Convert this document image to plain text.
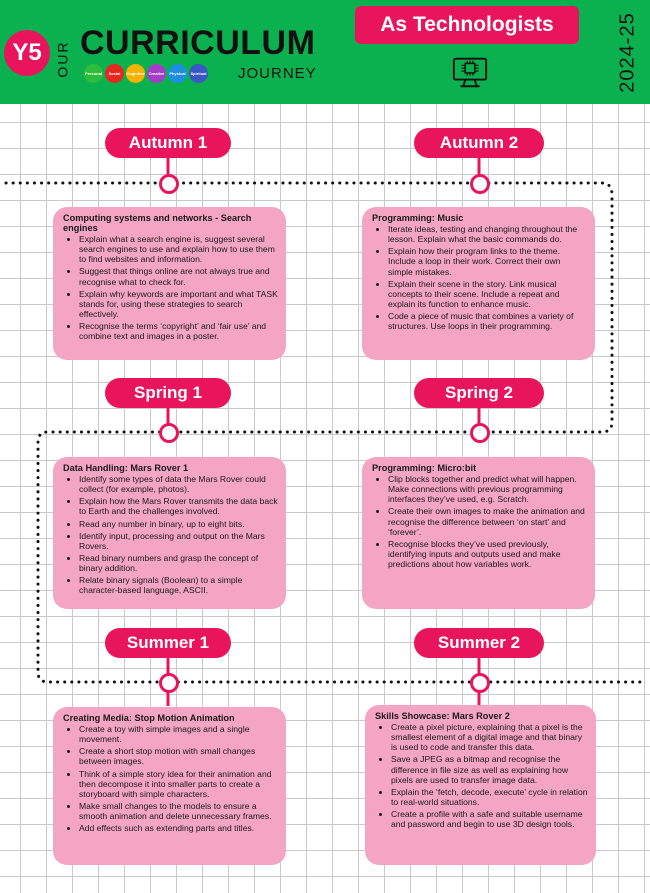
Y5 OUR CURRICULUM
Personal	Social	Cognitive Creative	Physical	Spiritual JOURNEY
As Technologists	2024-25
Autumn 1	Autumn 2
Spring 1	Spring 2
Summer 1	Summer 2
Computing systems and networks - Search engines
• Explain what a search engine is, suggest several search engines to use and explain how to use them to find websites and information.
• Suggest that things online are not always true and recognise what to check for.
• Explain why keywords are important and what TASK stands for, using these strategies to search effectively.
• Recognise the terms ‘copyright’ and ‘fair use’ and combine text and images in a poster.
Programming: Music
• Iterate ideas, testing and changing throughout the lesson. Explain what the basic commands do.
• Explain how their program links to the theme. Include a loop in their work. Correct their own simple mistakes.
• Explain their scene in the story. Link musical concepts to their scene. Include a repeat and explain its function to enhance music.
• Code a piece of music that combines a variety of structures. Use loops in their programming.
Data Handling: Mars Rover 1
• Identify some types of data the Mars Rover could collect (for example, photos).
• Explain how the Mars Rover transmits the data back to Earth and the challenges involved.
• Read any number in binary, up to eight bits.
• Identify input, processing and output on the Mars Rovers.
• Read binary numbers and grasp the concept of binary addition.
• Relate binary signals (Boolean) to a simple character-based language, ASCII.
Programming: Micro:bit
• Clip blocks together and predict what will happen. Make connections with previous programming interfaces they’ve used, e.g. Scratch.
• Create their own images to make the animation and recognise the difference between ‘on start’ and ‘forever’.
• Recognise blocks they’ve used previously, identifying inputs and outputs used and make predictions about how variables work.
Creating Media: Stop Motion Animation
• Create a toy with simple images and a single movement.
• Create a short stop motion with small changes between images.
• Think of a simple story idea for their animation and then decompose it into smaller parts to create a storyboard with simple characters.
• Make small changes to the models to ensure a smooth animation and delete unnecessary frames.
• Add effects such as extending parts and titles.
Skills Showcase: Mars Rover 2
• Create a pixel picture, explaining that a pixel is the smallest element of a digital image and that binary is used to code and transfer this data.
• Save a JPEG as a bitmap and recognise the difference in file size as well as explaining how pixels are used to transfer image data.
• Explain the ‘fetch, decode, execute’ cycle in relation to real-world situations.
• Create a profile with a safe and suitable username and password and begin to use 3D design tools.
